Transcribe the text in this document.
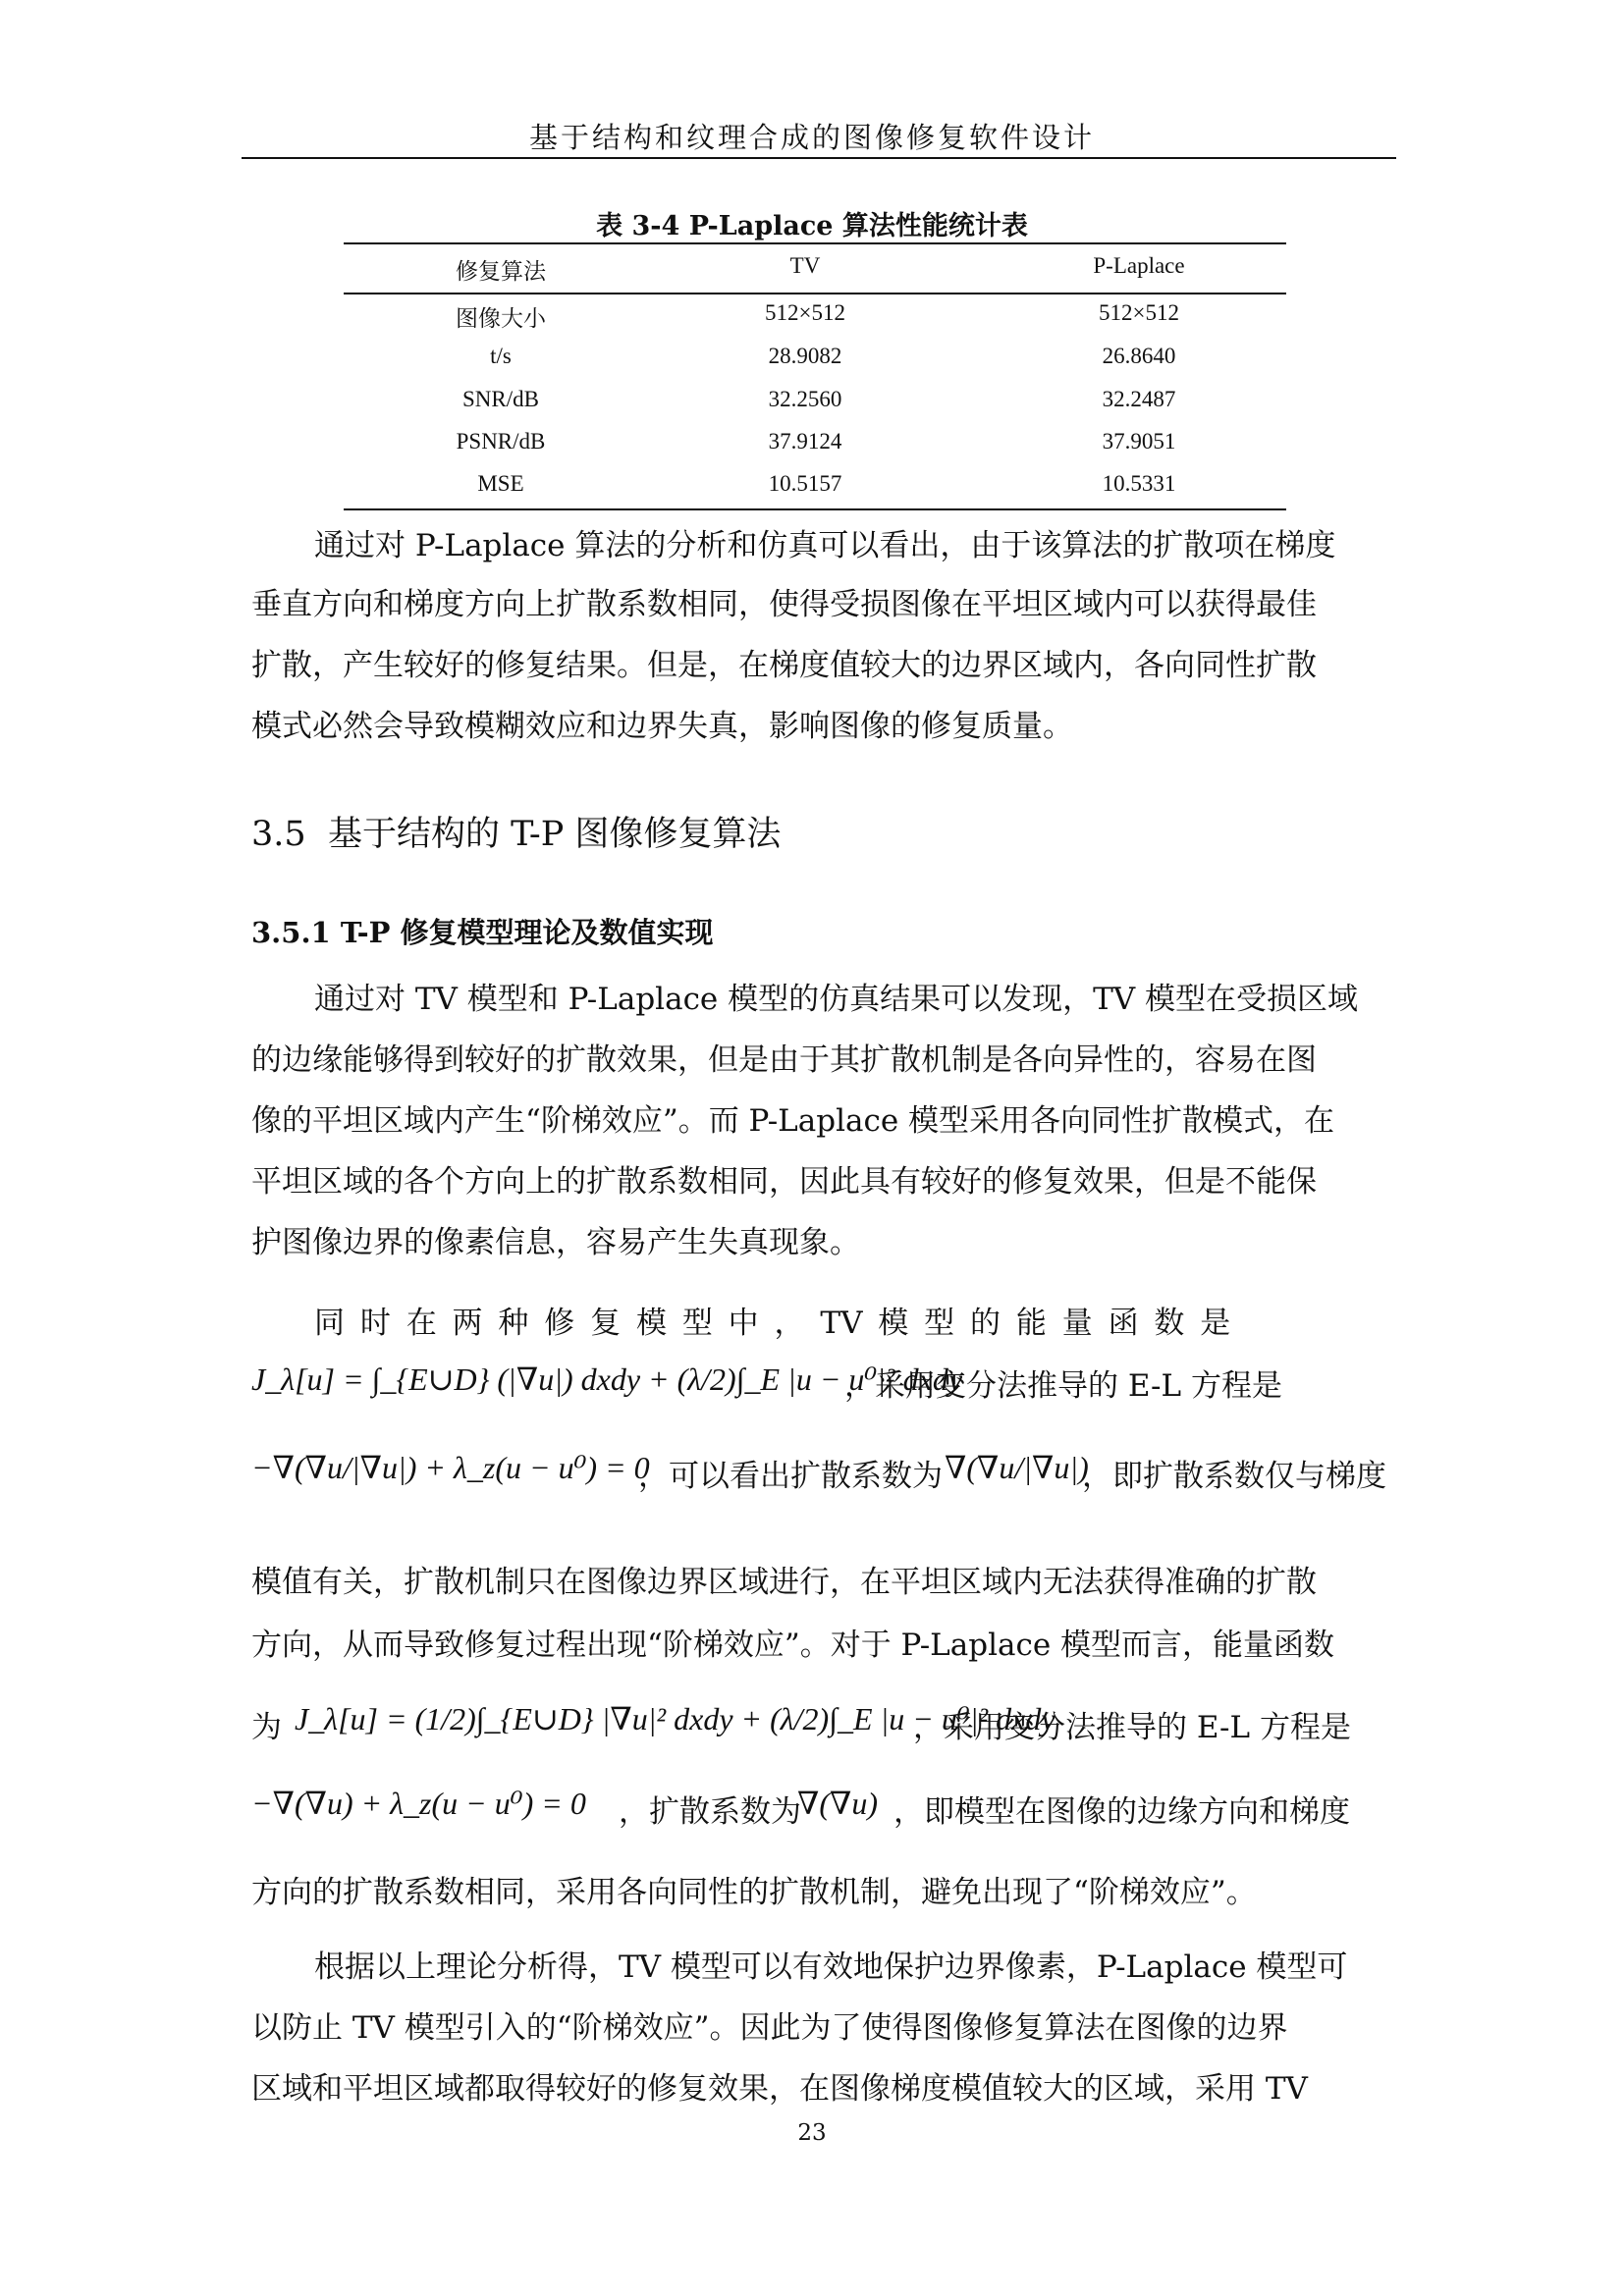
基于结构和纹理合成的图像修复软件设计
表 3-4 P-Laplace 算法性能统计表
修复算法	TV	P-Laplace
图像大小	512×512	512×512
t/s	28.9082	26.8640
SNR/dB	32.2560	32.2487
PSNR/dB	37.9124	37.9051
MSE	10.5157	10.5331
通过对 P-Laplace 算法的分析和仿真可以看出，由于该算法的扩散项在梯度
垂直方向和梯度方向上扩散系数相同，使得受损图像在平坦区域内可以获得最佳
扩散，产生较好的修复结果。但是，在梯度值较大的边界区域内，各向同性扩散
模式必然会导致模糊效应和边界失真，影响图像的修复质量。
3.5 基于结构的 T-P 图像修复算法
3.5.1 T-P 修复模型理论及数值实现
通过对 TV 模型和 P-Laplace 模型的仿真结果可以发现，TV 模型在受损区域
的边缘能够得到较好的扩散效果，但是由于其扩散机制是各向异性的，容易在图
像的平坦区域内产生“阶梯效应”。而 P-Laplace 模型采用各向同性扩散模式，在
平坦区域的各个方向上的扩散系数相同，因此具有较好的修复效果，但是不能保
护图像边界的像素信息，容易产生失真现象。
同 时 在 两 种 修 复 模 型 中 ， TV 模 型 的 能 量 函 数 是
J_λ[u] = ∫_{E∪D} (|∇u|) dxdy + (λ/2)∫_E |u − u⁰|² dxdy
，采用变分法推导的 E-L 方程是
−∇(∇u/|∇u|) + λ_z(u − u⁰) = 0
，可以看出扩散系数为 ∇(∇u/|∇u|)
，即扩散系数仅与梯度
模值有关，扩散机制只在图像边界区域进行，在平坦区域内无法获得准确的扩散
方向，从而导致修复过程出现“阶梯效应”。对于 P-Laplace 模型而言，能量函数
为 J_λ[u] = (1/2)∫_{E∪D} |∇u|² dxdy + (λ/2)∫_E |u − u⁰|² dxdy
，采用变分法推导的 E-L 方程是
−∇(∇u) + λ_z(u − u⁰) = 0 ，扩散系数为
∇(∇u) ，即模型在图像的边缘方向和梯度
方向的扩散系数相同，采用各向同性的扩散机制，避免出现了“阶梯效应”。
根据以上理论分析得，TV 模型可以有效地保护边界像素，P-Laplace 模型可
以防止 TV 模型引入的“阶梯效应”。因此为了使得图像修复算法在图像的边界
区域和平坦区域都取得较好的修复效果，在图像梯度模值较大的区域，采用 TV
23
